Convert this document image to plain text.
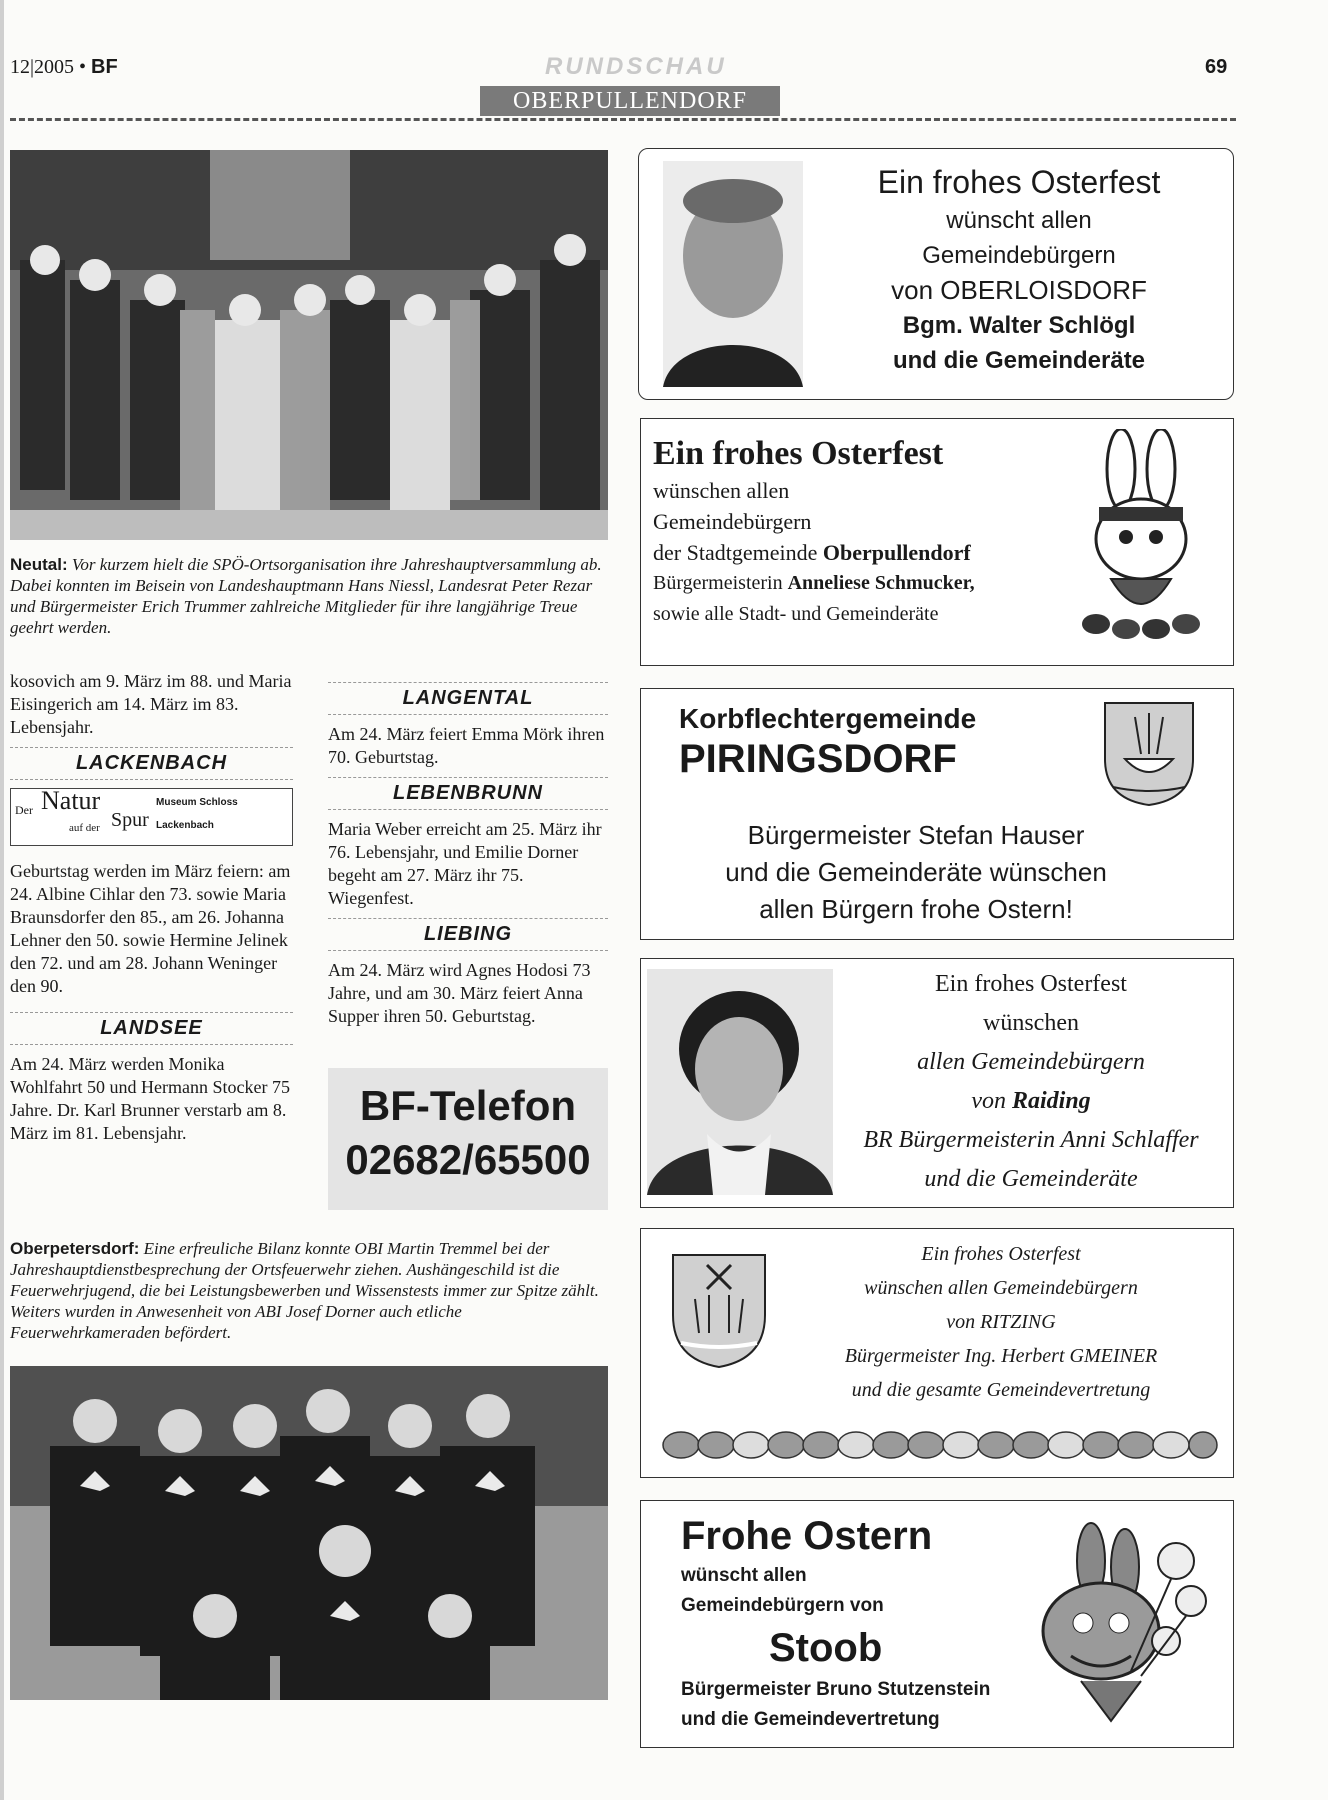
12|2005 • BF	RUNDSCHAU	69
OBERPULLENDORF
Neutal: Vor kurzem hielt die SPÖ-Ortsorganisation ihre Jahreshauptversammlung ab. Dabei konnten im Beisein von Landeshauptmann Hans Niessl, Landesrat Peter Rezar und Bürgermeister Erich Trummer zahlreiche Mitglieder für ihre langjährige Treue geehrt werden.
kosovich am 9. März im 88. und Maria Eisingerich am 14. März im 83. Lebensjahr.
LACKENBACH
Der Natur
auf der Spur
Museum Schloss Lackenbach
Geburtstag werden im März feiern: am 24. Albine Cihlar den 73. sowie Maria Braunsdorfer den 85., am 26. Johanna Lehner den 50. sowie Hermine Jelinek den 72. und am 28. Johann Weninger den 90.
LANDSEE
Am 24. März werden Monika Wohlfahrt 50 und Hermann Stocker 75 Jahre. Dr. Karl Brunner verstarb am 8. März im 81. Lebensjahr.
LANGENTAL
Am 24. März feiert Emma Mörk ihren 70. Geburtstag.
LEBENBRUNN
Maria Weber erreicht am 25. März ihr 76. Lebensjahr, und Emilie Dorner begeht am 27. März ihr 75. Wiegenfest.
LIEBING
Am 24. März wird Agnes Hodosi 73 Jahre, und am 30. März feiert Anna Supper ihren 50. Geburtstag.
BF-Telefon
02682/65500
Oberpetersdorf: Eine erfreuliche Bilanz konnte OBI Martin Tremmel bei der Jahreshauptdienstbesprechung der Ortsfeuerwehr ziehen. Aushängeschild ist die Feuerwehrjugend, die bei Leistungsbewerben und Wissenstests immer zur Spitze zählt. Weiters wurden in Anwesenheit von ABI Josef Dorner auch etliche Feuerwehrkameraden befördert.
Ein frohes Osterfest
wünscht allen
Gemeindebürgern
von OBERLOISDORF
Bgm. Walter Schlögl
und die Gemeinderäte
Ein frohes Osterfest
wünschen allen
Gemeindebürgern
der Stadtgemeinde Oberpullendorf
Bürgermeisterin Anneliese Schmucker,
sowie alle Stadt- und Gemeinderäte
Korbflechtergemeinde
PIRINGSDORF
Bürgermeister Stefan Hauser
und die Gemeinderäte wünschen
allen Bürgern frohe Ostern!
Ein frohes Osterfest
wünschen
allen Gemeindebürgern
von Raiding
BR Bürgermeisterin Anni Schlaffer
und die Gemeinderäte
Ein frohes Osterfest
wünschen allen Gemeindebürgern
von RITZING
Bürgermeister Ing. Herbert GMEINER
und die gesamte Gemeindevertretung
Frohe Ostern
wünscht allen
Gemeindebürgern von
Stoob
Bürgermeister Bruno Stutzenstein
und die Gemeindevertretung
